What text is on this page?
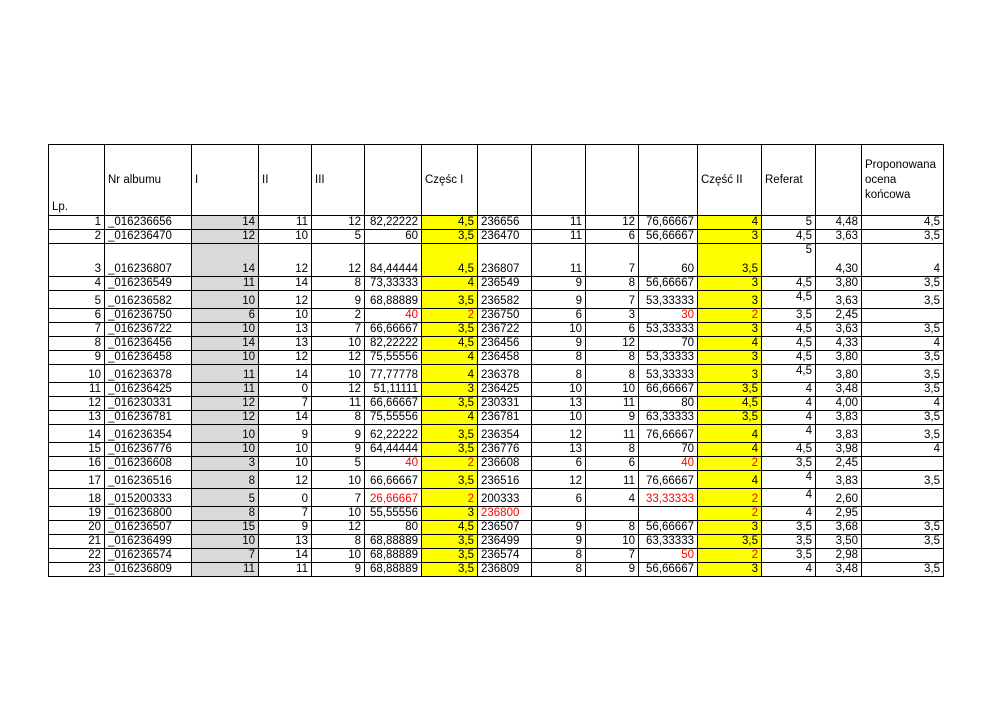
Lp.	Nr albumu	I	II	III		Częśc I					Część II	Referat		Proponowana ocena końcowa
1	_016236656	14	11	12	82,22222	4,5	236656	11	12	76,66667	4	5	4,48	4,5
2	_016236470	12	10	5	60	3,5	236470	11	6	56,66667	3	4,5	3,63	3,5
3	_016236807	14	12	12	84,44444	4,5	236807	11	7	60	3,5	5	4,30	4
4	_016236549	11	14	8	73,33333	4	236549	9	8	56,66667	3	4,5	3,80	3,5
5	_016236582	10	12	9	68,88889	3,5	236582	9	7	53,33333	3	4,5	3,63	3,5
6	_016236750	6	10	2	40	2	236750	6	3	30	2	3,5	2,45	
7	_016236722	10	13	7	66,66667	3,5	236722	10	6	53,33333	3	4,5	3,63	3,5
8	_016236456	14	13	10	82,22222	4,5	236456	9	12	70	4	4,5	4,33	4
9	_016236458	10	12	12	75,55556	4	236458	8	8	53,33333	3	4,5	3,80	3,5
10	_016236378	11	14	10	77,77778	4	236378	8	8	53,33333	3	4,5	3,80	3,5
11	_016236425	11	0	12	51,11111	3	236425	10	10	66,66667	3,5	4	3,48	3,5
12	_016230331	12	7	11	66,66667	3,5	230331	13	11	80	4,5	4	4,00	4
13	_016236781	12	14	8	75,55556	4	236781	10	9	63,33333	3,5	4	3,83	3,5
14	_016236354	10	9	9	62,22222	3,5	236354	12	11	76,66667	4	4	3,83	3,5
15	_016236776	10	10	9	64,44444	3,5	236776	13	8	70	4	4,5	3,98	4
16	_016236608	3	10	5	40	2	236608	6	6	40	2	3,5	2,45	
17	_016236516	8	12	10	66,66667	3,5	236516	12	11	76,66667	4	4	3,83	3,5
18	_015200333	5	0	7	26,66667	2	200333	6	4	33,33333	2	4	2,60	
19	_016236800	8	7	10	55,55556	3	236800				2	4	2,95	
20	_016236507	15	9	12	80	4,5	236507	9	8	56,66667	3	3,5	3,68	3,5
21	_016236499	10	13	8	68,88889	3,5	236499	9	10	63,33333	3,5	3,5	3,50	3,5
22	_016236574	7	14	10	68,88889	3,5	236574	8	7	50	2	3,5	2,98	
23	_016236809	11	11	9	68,88889	3,5	236809	8	9	56,66667	3	4	3,48	3,5
